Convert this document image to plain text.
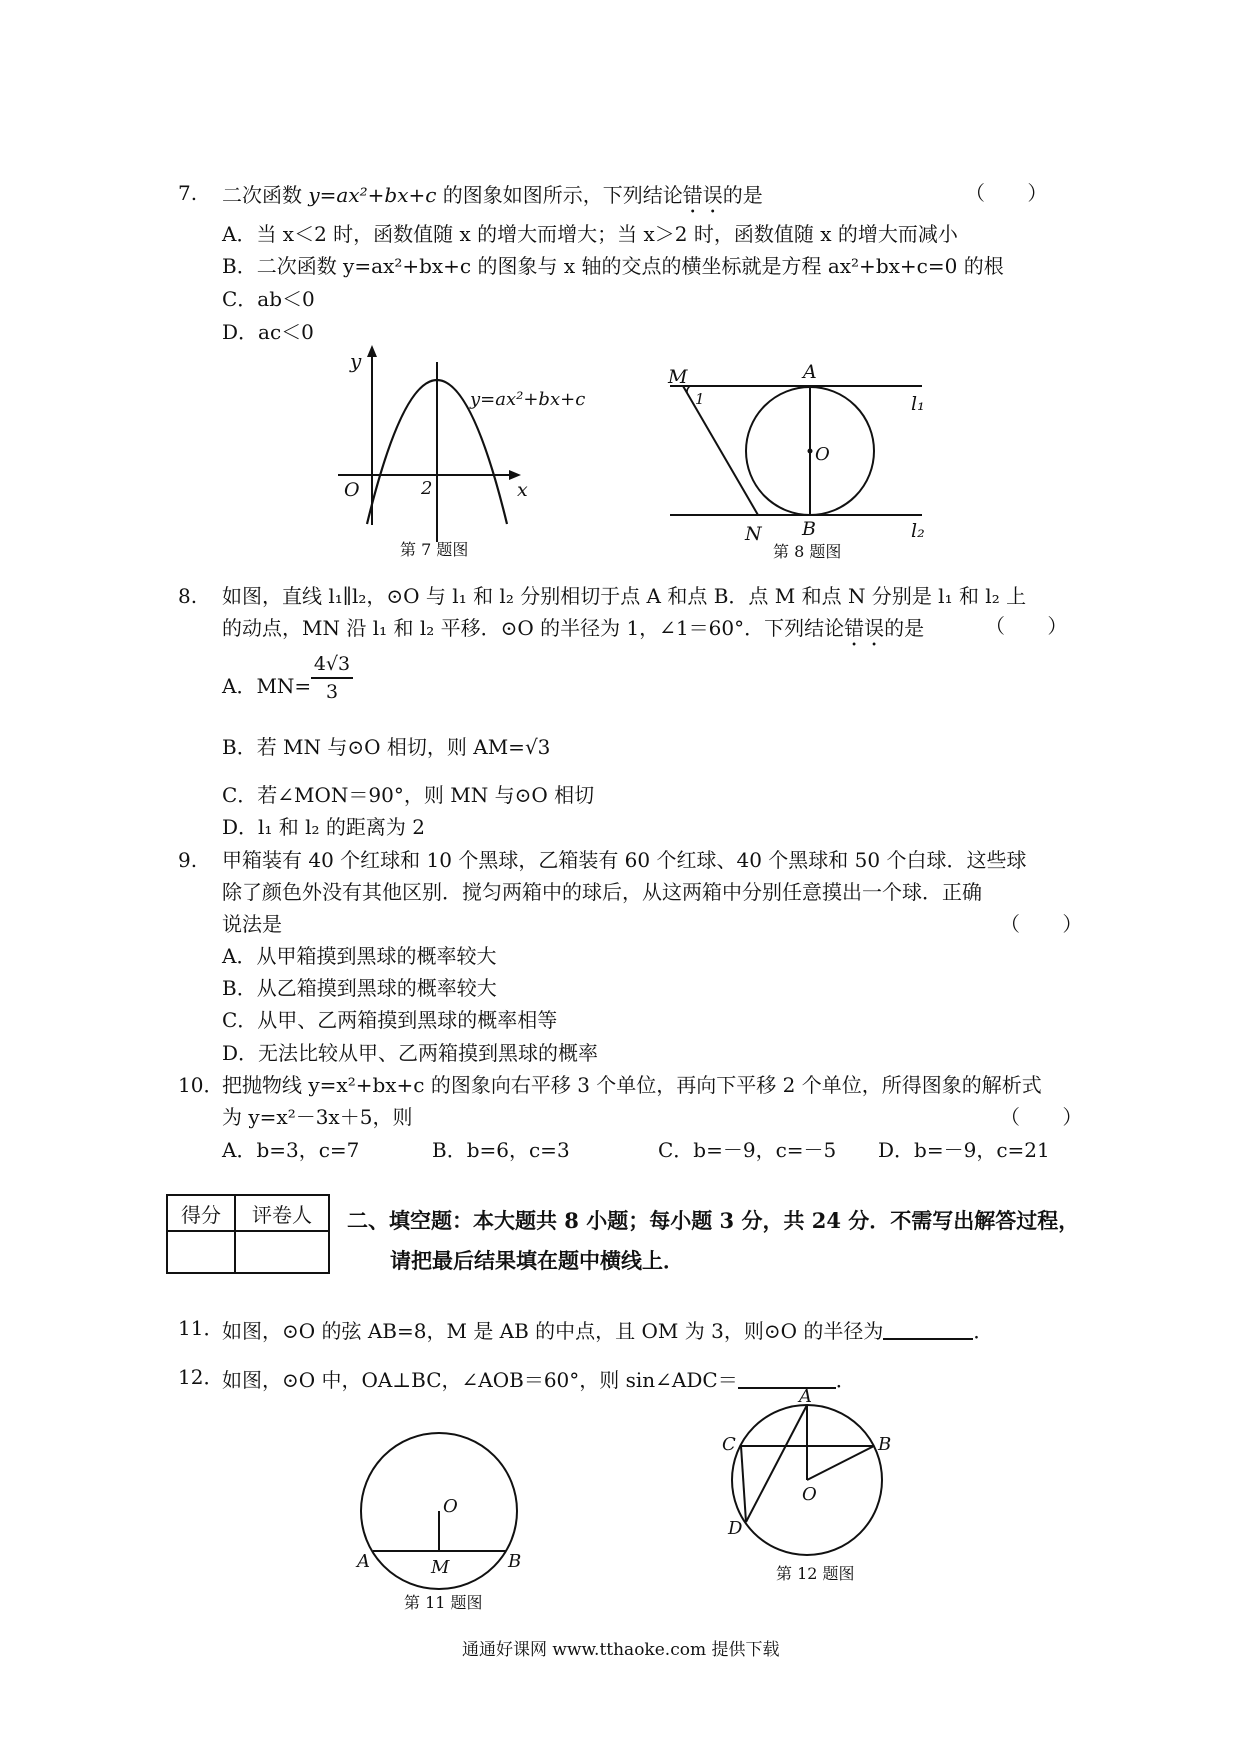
7. 二次函数 y=ax²+bx+c 的图象如图所示，下列结论错误的是	（ ）
A．当 x＜2 时，函数值随 x 的增大而增大；当 x＞2 时，函数值随 x 的增大而减小
B．二次函数 y=ax²+bx+c 的图象与 x 轴的交点的横坐标就是方程 ax²+bx+c=0 的根
C．ab＜0
D．ac＜0
y
x
O	2
y=ax²+bx+c
第 7 题图
M	A
l₁
1
O
N B	l₂
第 8 题图
8. 如图，直线 l₁∥l₂，⊙O 与 l₁ 和 l₂ 分别相切于点 A 和点 B．点 M 和点 N 分别是 l₁ 和 l₂ 上
的动点，MN 沿 l₁ 和 l₂ 平移．⊙O 的半径为 1，∠1＝60°．下列结论错误的是	（ ）
A．$MN= \frac{4√3}{3}$
B．若 MN 与⊙O 相切，则 AM=√3
C．若∠MON＝90°，则 MN 与⊙O 相切
D．l₁ 和 l₂ 的距离为 2
9. 甲箱装有 40 个红球和 10 个黑球，乙箱装有 60 个红球、40 个黑球和 50 个白球．这些球
除了颜色外没有其他区别．搅匀两箱中的球后，从这两箱中分别任意摸出一个球．正确
说法是	（ ）
A．从甲箱摸到黑球的概率较大
B．从乙箱摸到黑球的概率较大
C．从甲、乙两箱摸到黑球的概率相等
D．无法比较从甲、乙两箱摸到黑球的概率
10．
把抛物线 y=x²+bx+c 的图象向右平移 3 个单位，再向下平移 2 个单位，所得图象的解析式
为 y=x²－3x＋5，则	（ ）
A．b=3，c=7	B．b=6，c=3	C．b=－9，c=－5 D．b=－9，c=21
得分	评卷人
	二、填空题：本大题共 8 小题；每小题 3 分，共 24 分．不需写出解答过程，
请把最后结果填在题中横线上．
11．
如图，⊙O 的弦 AB=8，M 是 AB 的中点，且 OM 为 3，则⊙O 的半径为	．
12．
如图，⊙O 中，OA⊥BC，∠AOB＝60°，则 sin∠ADC＝	．
O
A	M	B
第 11 题图
A
C	B
O
D
第 12 题图
通通好课网 www.tthaoke.com 提供下载
